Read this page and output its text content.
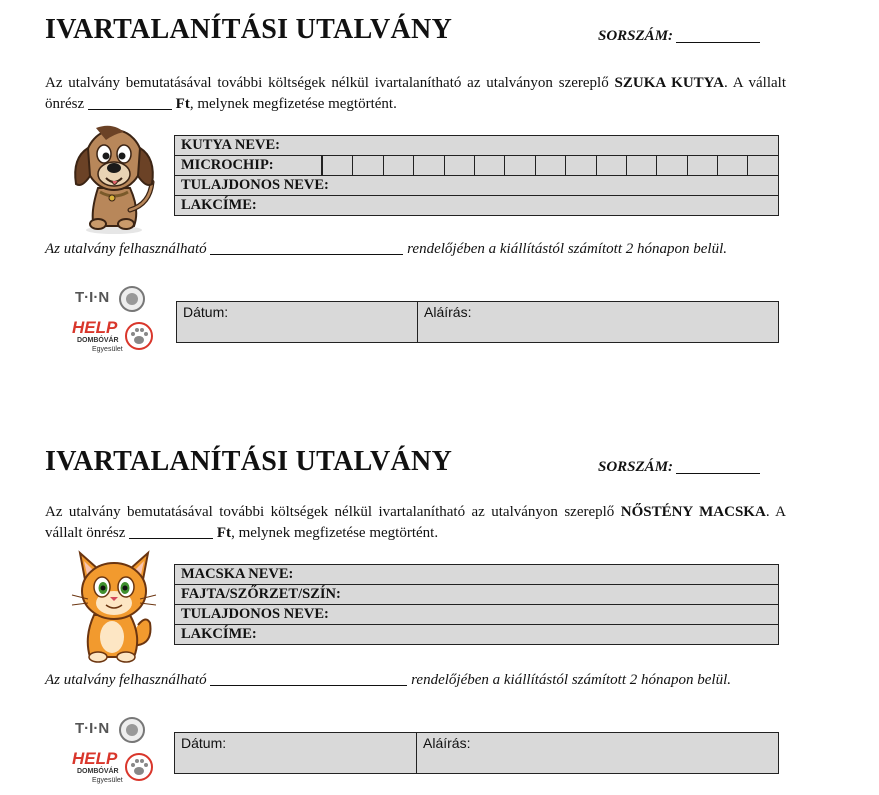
IVARTALANÍTÁSI UTALVÁNY	SORSZÁM:
Az utalvány bemutatásával további költségek nélkül ivartalanítható az utalványon szereplő SZUKA KUTYA. A vállalt önrész	Ft, melynek megfizetése megtörtént.
KUTYA NEVE:
MICROCHIP:	

TULAJDONOS NEVE:
LAKCÍME:
Az utalvány felhasználható	rendelőjében a kiállítástól számított 2 hónapon belül.
T·I·N
HELP
DOMBÓVÁR
Egyesület
Dátum:	Aláírás:
IVARTALANÍTÁSI UTALVÁNY	SORSZÁM:
Az utalvány bemutatásával további költségek nélkül ivartalanítható az utalványon szereplő NŐSTÉNY MACSKA. A vállalt önrész	Ft, melynek megfizetése megtörtént.
MACSKA NEVE:
FAJTA/SZŐRZET/SZÍN:
TULAJDONOS NEVE:
LAKCÍME:
Az utalvány felhasználható	rendelőjében a kiállítástól számított 2 hónapon belül.
T·I·N
HELP
DOMBÓVÁR
Egyesület
Dátum:	Aláírás:
